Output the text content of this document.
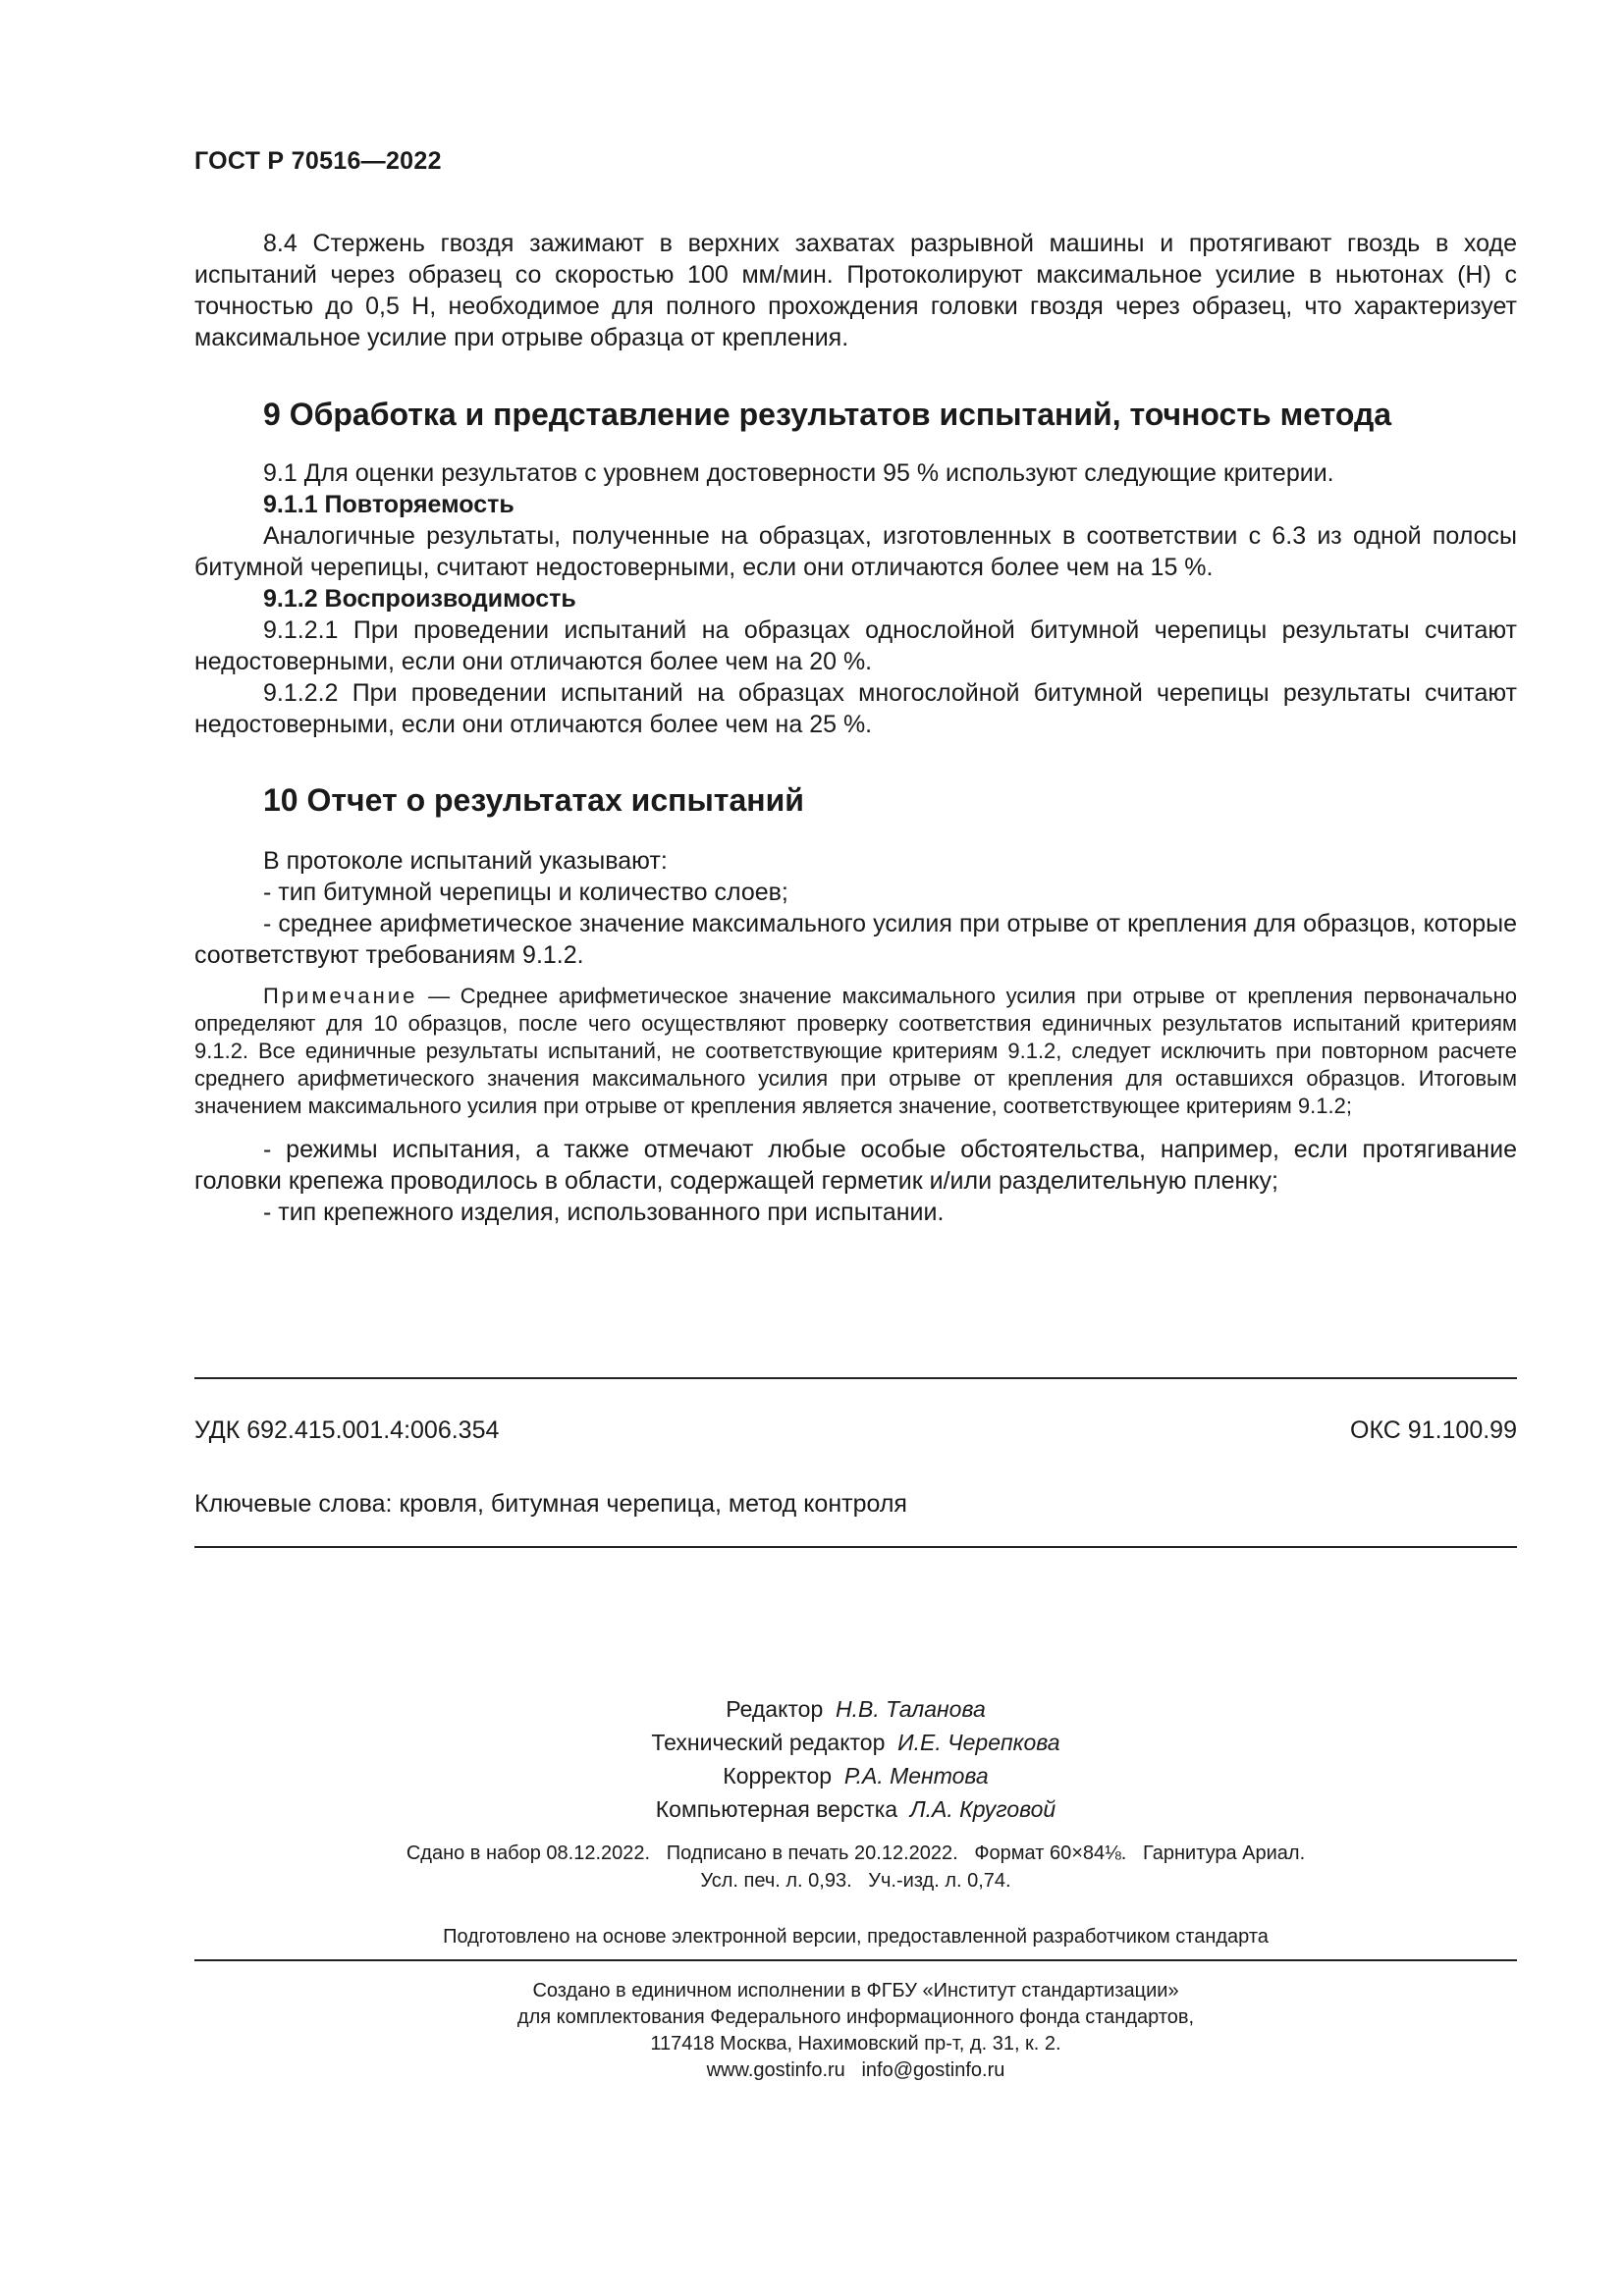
ГОСТ Р 70516—2022

8.4 Стержень гвоздя зажимают в верхних захватах разрывной машины и протягивают гвоздь в ходе испытаний через образец со скоростью 100 мм/мин. Протоколируют максимальное усилие в ньютонах (Н) с точностью до 0,5 Н, необходимое для полного прохождения головки гвоздя через образец, что характеризует максимальное усилие при отрыве образца от крепления.

9 Обработка и представление результатов испытаний, точность метода

9.1 Для оценки результатов с уровнем достоверности 95 % используют следующие критерии.

9.1.1 Повторяемость

Аналогичные результаты, полученные на образцах, изготовленных в соответствии с 6.3 из одной полосы битумной черепицы, считают недостоверными, если они отличаются более чем на 15 %.

9.1.2 Воспроизводимость

9.1.2.1 При проведении испытаний на образцах однослойной битумной черепицы результаты считают недостоверными, если они отличаются более чем на 20 %.

9.1.2.2 При проведении испытаний на образцах многослойной битумной черепицы результаты считают недостоверными, если они отличаются более чем на 25 %.

10 Отчет о результатах испытаний

В протоколе испытаний указывают:

- тип битумной черепицы и количество слоев;

- среднее арифметическое значение максимального усилия при отрыве от крепления для образцов, которые соответствуют требованиям 9.1.2.

Примечание — Среднее арифметическое значение максимального усилия при отрыве от крепления первоначально определяют для 10 образцов, после чего осуществляют проверку соответствия единичных результатов испытаний критериям 9.1.2. Все единичные результаты испытаний, не соответствующие критериям 9.1.2, следует исключить при повторном расчете среднего арифметического значения максимального усилия при отрыве от крепления для оставшихся образцов. Итоговым значением максимального усилия при отрыве от крепления является значение, соответствующее критериям 9.1.2;

- режимы испытания, а также отмечают любые особые обстоятельства, например, если протягивание головки крепежа проводилось в области, содержащей герметик и/или разделительную пленку;

- тип крепежного изделия, использованного при испытании.

УДК 692.415.001.4:006.354	ОКС 91.100.99
Ключевые слова: кровля, битумная черепица, метод контроля
Редактор Н.В. Таланова
Технический редактор И.Е. Черепкова
Корректор Р.А. Ментова
Компьютерная верстка Л.А. Круговой
Сдано в набор 08.12.2022.   Подписано в печать 20.12.2022.   Формат 60×84⅛.   Гарнитура Ариал.
Усл. печ. л. 0,93.   Уч.-изд. л. 0,74.
Подготовлено на основе электронной версии, предоставленной разработчиком стандарта
Создано в единичном исполнении в ФГБУ «Институт стандартизации»
для комплектования Федерального информационного фонда стандартов,
117418 Москва, Нахимовский пр-т, д. 31, к. 2.
www.gostinfo.ru   info@gostinfo.ru
